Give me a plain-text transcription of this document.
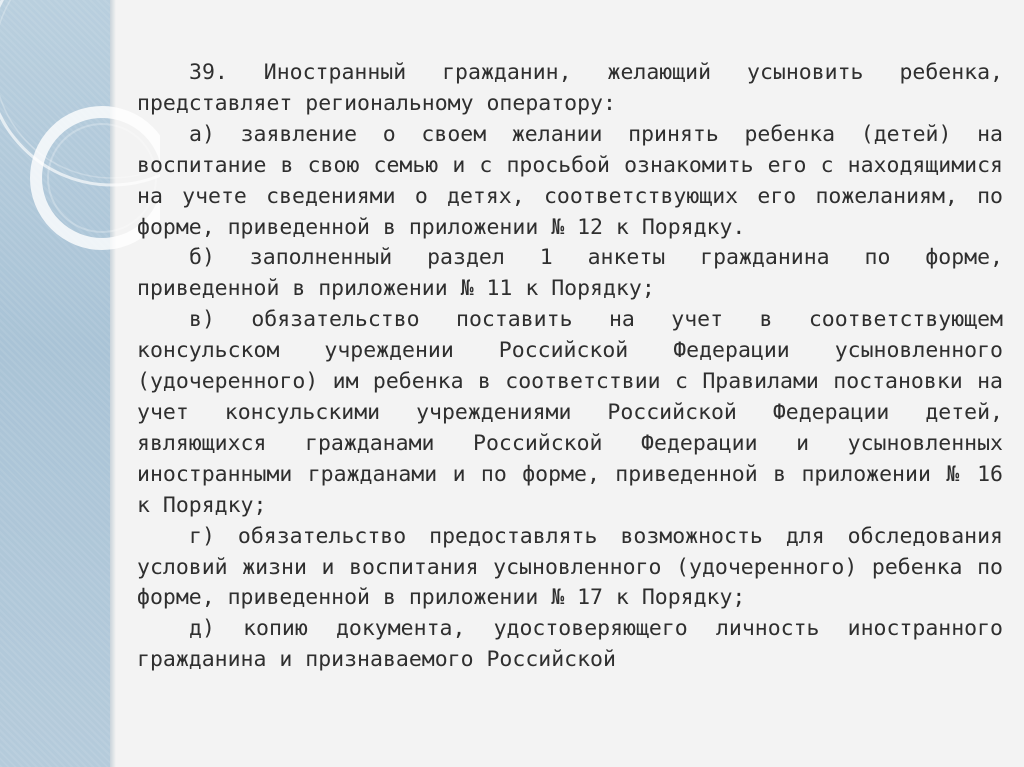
39. Иностранный гражданин, желающий усыновить ребенка, представляет региональному оператору:

а) заявление о своем желании принять ребенка (детей) на воспитание в свою семью и с просьбой ознакомить его с находящимися на учете сведениями о детях, соответствующих его пожеланиям, по форме, приведенной в приложении № 12 к Порядку.

б) заполненный раздел 1 анкеты гражданина по форме, приведенной в приложении № 11 к Порядку;

в) обязательство поставить на учет в соответствующем консульском учреждении Российской Федерации усыновленного (удочеренного) им ребенка в соответствии с Правилами постановки на учет консульскими учреждениями Российской Федерации детей, являющихся гражданами Российской Федерации и усыновленных иностранными гражданами и по форме, приведенной в приложении № 16 к Порядку;

г) обязательство предоставлять возможность для обследования условий жизни и воспитания усыновленного (удочеренного) ребенка по форме, приведенной в приложении № 17 к Порядку;

д) копию документа, удостоверяющего личность иностранного гражданина и признаваемого Российской
